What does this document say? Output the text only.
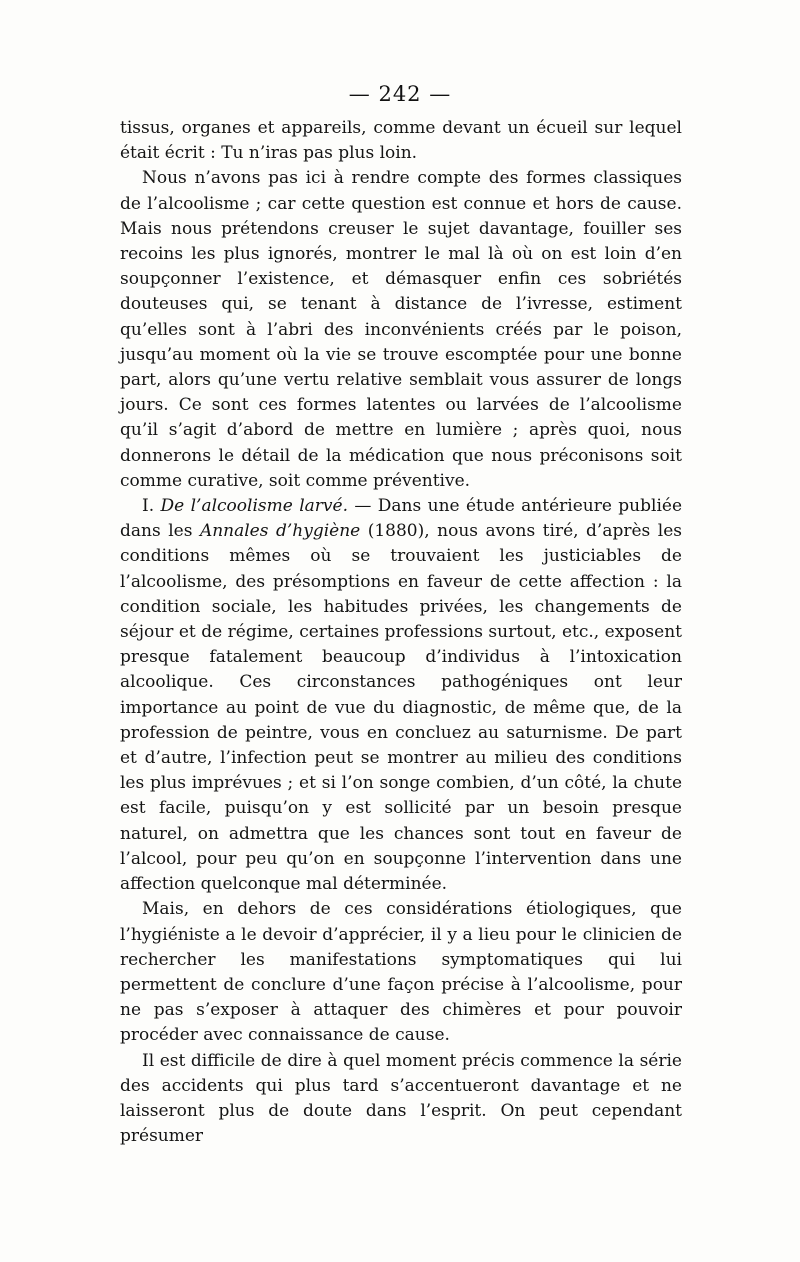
— 242 —

tissus, organes et appareils, comme devant un écueil sur lequel était écrit : Tu n’iras pas plus loin.

Nous n’avons pas ici à rendre compte des formes classiques de l’alcoolisme ; car cette question est connue et hors de cause. Mais nous prétendons creuser le sujet davantage, fouiller ses recoins les plus ignorés, montrer le mal là où on est loin d’en soupçonner l’existence, et démasquer enfin ces sobriétés douteuses qui, se tenant à distance de l’ivresse, estiment qu’elles sont à l’abri des inconvénients créés par le poison, jusqu’au moment où la vie se trouve escomptée pour une bonne part, alors qu’une vertu relative semblait vous assurer de longs jours. Ce sont ces formes latentes ou larvées de l’alcoolisme qu’il s’agit d’abord de mettre en lumière ; après quoi, nous donnerons le détail de la médication que nous préconisons soit comme curative, soit comme préventive.

I. De l’alcoolisme larvé. — Dans une étude antérieure publiée dans les Annales d’hygiène (1880), nous avons tiré, d’après les conditions mêmes où se trouvaient les justiciables de l’alcoolisme, des présomptions en faveur de cette affection : la condition sociale, les habitudes privées, les changements de séjour et de régime, certaines professions surtout, etc., exposent presque fatalement beaucoup d’individus à l’intoxication alcoolique. Ces circonstances pathogéniques ont leur importance au point de vue du diagnostic, de même que, de la profession de peintre, vous en concluez au saturnisme. De part et d’autre, l’infection peut se montrer au milieu des conditions les plus imprévues ; et si l’on songe combien, d’un côté, la chute est facile, puisqu’on y est sollicité par un besoin presque naturel, on admettra que les chances sont tout en faveur de l’alcool, pour peu qu’on en soupçonne l’intervention dans une affection quelconque mal déterminée.

Mais, en dehors de ces considérations étiologiques, que l’hygiéniste a le devoir d’apprécier, il y a lieu pour le clinicien de rechercher les manifestations symptomatiques qui lui permettent de conclure d’une façon précise à l’alcoolisme, pour ne pas s’exposer à attaquer des chimères et pour pouvoir procéder avec connaissance de cause.

Il est difficile de dire à quel moment précis commence la série des accidents qui plus tard s’accentueront davantage et ne laisseront plus de doute dans l’esprit. On peut cependant présumer
